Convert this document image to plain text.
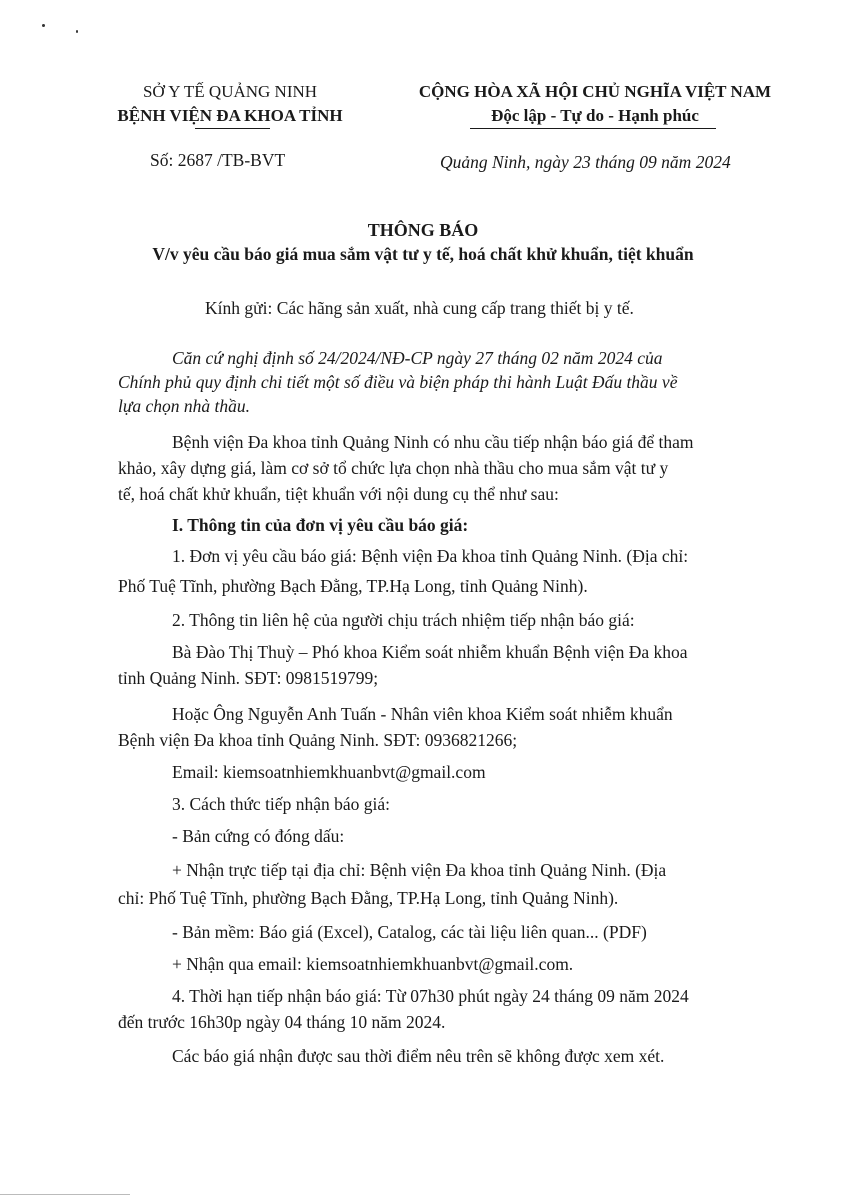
SỞ Y TẾ QUẢNG NINH
BỆNH VIỆN ĐA KHOA TỈNH
CỘNG HÒA XÃ HỘI CHỦ NGHĨA VIỆT NAM
Độc lập - Tự do - Hạnh phúc
Số: 2687 /TB-BVT	Quảng Ninh, ngày 23 tháng 09 năm 2024
THÔNG BÁO
V/v yêu cầu báo giá mua sắm vật tư y tế, hoá chất khử khuẩn, tiệt khuẩn
Kính gửi: Các hãng sản xuất, nhà cung cấp trang thiết bị y tế.
Căn cứ nghị định số 24/2024/NĐ-CP ngày 27 tháng 02 năm 2024 của
Chính phủ quy định chi tiết một số điều và biện pháp thi hành Luật Đấu thầu về
lựa chọn nhà thầu.
Bệnh viện Đa khoa tỉnh Quảng Ninh có nhu cầu tiếp nhận báo giá để tham
khảo, xây dựng giá, làm cơ sở tổ chức lựa chọn nhà thầu cho mua sắm vật tư y
tế, hoá chất khử khuẩn, tiệt khuẩn với nội dung cụ thể như sau:
I. Thông tin của đơn vị yêu cầu báo giá:
1. Đơn vị yêu cầu báo giá: Bệnh viện Đa khoa tỉnh Quảng Ninh. (Địa chỉ:
Phố Tuệ Tĩnh, phường Bạch Đằng, TP.Hạ Long, tỉnh Quảng Ninh).
2. Thông tin liên hệ của người chịu trách nhiệm tiếp nhận báo giá:
Bà Đào Thị Thuỳ – Phó khoa Kiểm soát nhiễm khuẩn Bệnh viện Đa khoa
tỉnh Quảng Ninh. SĐT: 0981519799;
Hoặc Ông Nguyễn Anh Tuấn - Nhân viên khoa Kiểm soát nhiễm khuẩn
Bệnh viện Đa khoa tỉnh Quảng Ninh. SĐT: 0936821266;
Email: kiemsoatnhiemkhuanbvt@gmail.com
3. Cách thức tiếp nhận báo giá:
- Bản cứng có đóng dấu:
+ Nhận trực tiếp tại địa chỉ: Bệnh viện Đa khoa tỉnh Quảng Ninh. (Địa
chỉ: Phố Tuệ Tĩnh, phường Bạch Đằng, TP.Hạ Long, tỉnh Quảng Ninh).
- Bản mềm: Báo giá (Excel), Catalog, các tài liệu liên quan... (PDF)
+ Nhận qua email: kiemsoatnhiemkhuanbvt@gmail.com.
4. Thời hạn tiếp nhận báo giá: Từ 07h30 phút ngày 24 tháng 09 năm 2024
đến trước 16h30p ngày 04 tháng 10 năm 2024.
Các báo giá nhận được sau thời điểm nêu trên sẽ không được xem xét.
